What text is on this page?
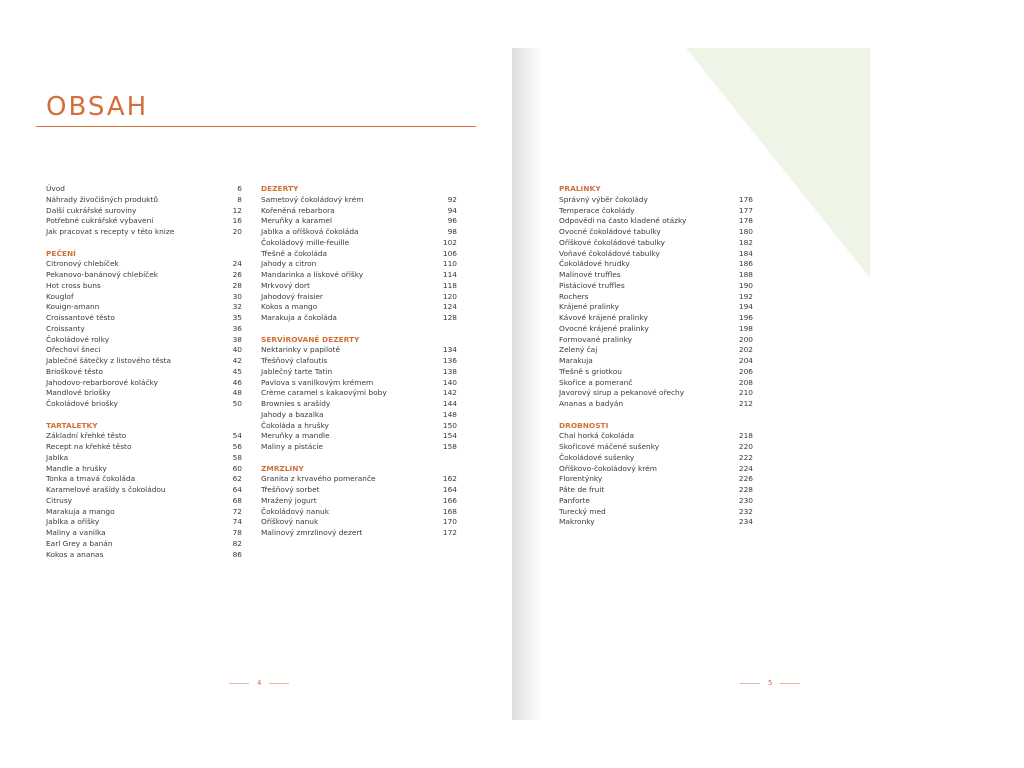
OBSAH
Úvod	6
Náhrady živočišných produktů	8
Další cukrářské suroviny	12
Potřebné cukrářské vybavení	16
Jak pracovat s recepty v této knize	20
PEČENÍ
Citronový chlebíček	24
Pekanovo-banánový chlebíček	26
Hot cross buns	28
Kouglof	30
Kouign-amann	32
Croissantové těsto	35
Croissanty	36
Čokoládové rolky	38
Ořechoví šneci	40
Jablečné šátečky z listového těsta	42
Brioškové těsto	45
Jahodovo-rebarborové koláčky	46
Mandlové briošky	48
Čokoládové briošky	50
TARTALETKY
Základní křehké těsto	54
Recept na křehké těsto	56
Jablka	58
Mandle a hrušky	60
Tonka a tmavá čokoláda	62
Karamelové arašídy s čokoládou	64
Citrusy	68
Marakuja a mango	72
Jablka a oříšky	74
Maliny a vanilka	78
Earl Grey a banán	82
Kokos a ananas	86
DEZERTY
Sametový čokoládový krém	92
Kořeněná rebarbora	94
Meruňky a karamel	96
Jablka a oříšková čokoláda	98
Čokoládový mille-feuille	102
Třešně a čokoláda	106
Jahody a citron	110
Mandarinka a lískové oříšky	114
Mrkvový dort	118
Jahodový fraisier	120
Kokos a mango	124
Marakuja a čokoláda	128
SERVÍROVANÉ DEZERTY
Nektarinky v papilotě	134
Třešňový clafoutis	136
Jablečný tarte Tatin	138
Pavlova s vanilkovým krémem	140
Crème caramel s kakaovými boby	142
Brownies s arašídy	144
Jahody a bazalka	148
Čokoláda a hrušky	150
Meruňky a mandle	154
Maliny a pistácie	158
ZMRZLINY
Granita z krvavého pomeranče	162
Třešňový sorbet	164
Mražený jogurt	166
Čokoládový nanuk	168
Oříškový nanuk	170
Malinový zmrzlinový dezert	172
PRALINKY
Správný výběr čokolády	176
Temperace čokolády	177
Odpovědi na často kladené otázky	178
Ovocné čokoládové tabulky	180
Oříškové čokoládové tabulky	182
Voňavé čokoládové tabulky	184
Čokoládové hrudky	186
Malinové truffles	188
Pistáciové truffles	190
Rochers	192
Krájené pralinky	194
Kávové krájené pralinky	196
Ovocné krájené pralinky	198
Formované pralinky	200
Zelený čaj	202
Marakuja	204
Třešně s griotkou	206
Skořice a pomeranč	208
Javorový sirup a pekanové ořechy	210
Ananas a badyán	212
DROBNOSTI
Chai horká čokoláda	218
Skořicové máčené sušenky	220
Čokoládové sušenky	222
Oříškovo-čokoládový krém	224
Florentýnky	226
Pâte de fruit	228
Panforte	230
Turecký med	232
Makronky	234
4	5
